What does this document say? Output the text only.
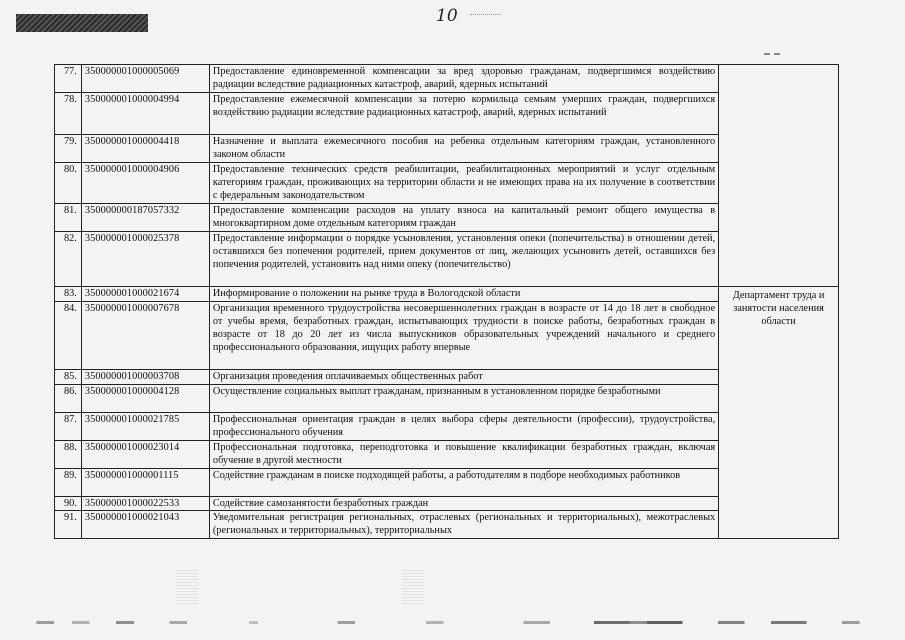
10
77.	350000001000005069	Предоставление единовременной компенсации за вред здоровью гражданам, подвергшимся воздействию радиации вследствие радиационных катастроф, аварий, ядерных испытаний	
78.	350000001000004994	Предоставление ежемесячной компенсации за потерю кормильца семьям умерших граждан, подвергшихся воздействию радиации вследствие радиационных катастроф, аварий, ядерных испытаний	
79.	350000001000004418	Назначение и выплата ежемесячного пособия на ребенка отдельным категориям граждан, установленного законом области	
80.	350000001000004906	Предоставление технических средств реабилитации, реабилитационных мероприятий и услуг отдельным категориям граждан, проживающих на территории области и не имеющих права на их получение в соответствии с федеральным законодательством	
81.	350000000187057332	Предоставление компенсации расходов на уплату взноса на капитальный ремонт общего имущества в многоквартирном доме отдельным категориям граждан	
82.	350000001000025378	Предоставление информации о порядке усыновления, установления опеки (попечительства) в отношении детей, оставшихся без попечения родителей, прием документов от лиц, желающих усыновить детей, оставшихся без попечения родителей, установить над ними опеку (попечительство)	
83.	350000001000021674	Информирование о положении на рынке труда в Вологодской области	Департамент труда и занятости населения области

84.	350000001000007678	Организация временного трудоустройства несовершеннолетних граждан в возрасте от 14 до 18 лет в свободное от учебы время, безработных граждан, испытывающих трудности в поиске работы, безработных граждан в возрасте от 18 до 20 лет из числа выпускников образовательных учреждений начального и среднего профессионального образования, ищущих работу впервые	
85.	350000001000003708	Организация проведения оплачиваемых общественных работ	
86.	350000001000004128	Осуществление социальных выплат гражданам, признанным в установленном порядке безработными	
87.	350000001000021785	Профессиональная ориентация граждан в целях выбора сферы деятельности (профессии), трудоустройства, профессионального обучения	
88.	350000001000023014	Профессиональная подготовка, переподготовка и повышение квалификации безработных граждан, включая обучение в другой местности	
89.	350000001000001115	Содействие гражданам в поиске подходящей работы, а работодателям в подборе необходимых работников	
90.	350000001000022533	Содействие самозанятости безработных граждан	
91.	350000001000021043	Уведомительная регистрация региональных, отраслевых (региональных и территориальных), межотраслевых (региональных и территориальных), территориальных	
